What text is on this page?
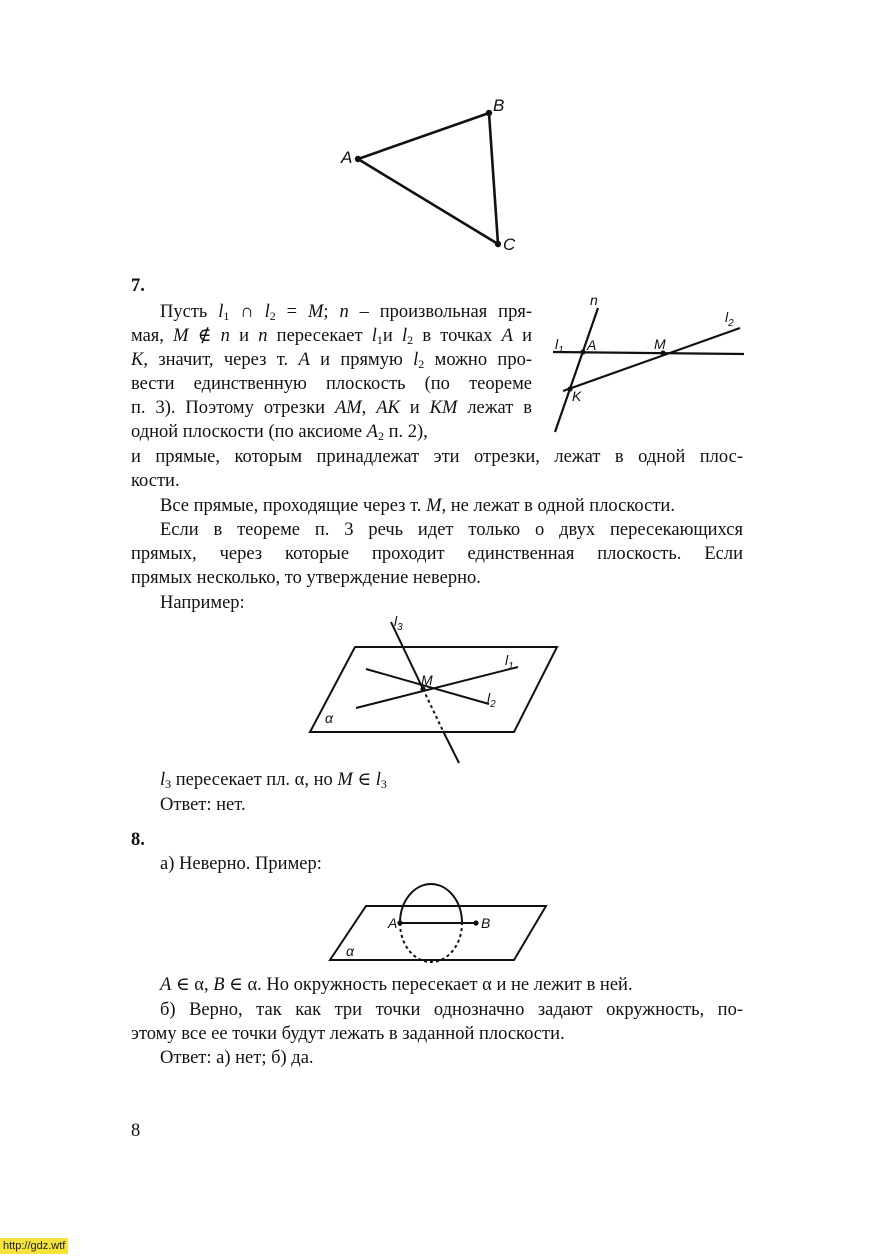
A
B
C

7.

Пусть $l_1$ ∩ $l_2 = M$; n – произвольная пря-

мая, M ∉ n и n пересекает $l_1и$ $l_2$ в точках A и

K, значит, через т. A и прямую $l_2$ можно про-

вести единственную плоскость (по теореме

п. 3). Поэтому отрезки AM, AK и KM лежат в

одной плоскости (по аксиоме $A_2$ п. 2),

и прямые, которым принадлежат эти отрезки, лежат в одной плос-

кости.

Все прямые, проходящие через т. M, не лежат в одной плоскости.

Если в теореме п. 3 речь идет только о двух пересекающихся

прямых, через которые проходит единственная плоскость. Если

прямых несколько, то утверждение неверно.

Например:

n
$l_1$
$l_2$
A	M
K
$l_3$
$l_1$
$l_2$
M
α

$l_3$ пересекает пл. α, но M ∈ $l_3$

Ответ: нет.

8.

а) Неверно. Пример:

A	B
α

A ∈ α, B ∈ α. Но окружность пересекает α и не лежит в ней.

б) Верно, так как три точки однозначно задают окружность, по-

этому все ее точки будут лежать в заданной плоскости.

Ответ: а) нет; б) да.

8

http://gdz.wtf
